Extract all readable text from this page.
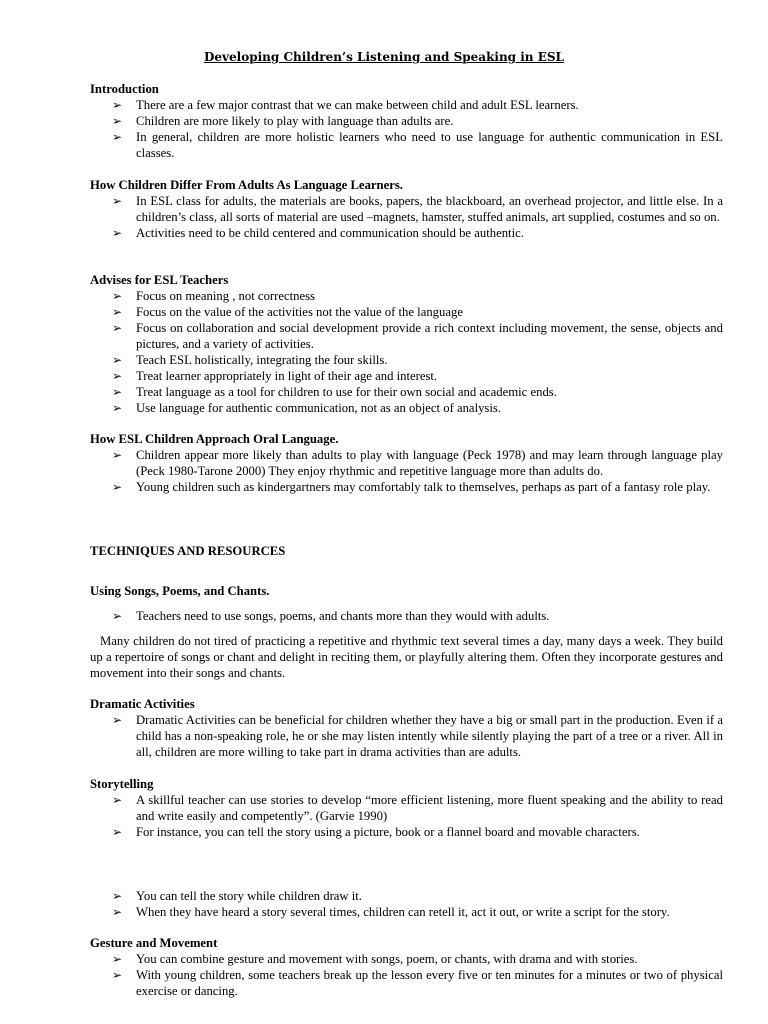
Developing Children’s Listening and Speaking in ESL
Introduction
➢ There are a few major contrast that we can make between child and adult ESL learners.
➢ Children are more likely to play with language than adults are.
➢ In general, children are more holistic learners who need to use language for authentic communication in ESL classes.
How Children Differ From Adults As Language Learners.
➢ In ESL class for adults, the materials are books, papers, the blackboard, an overhead projector, and little else. In a children’s class, all sorts of material are used –magnets, hamster, stuffed animals, art supplied, costumes and so on.
➢ Activities need to be child centered and communication should be authentic.
Advises for ESL Teachers
➢ Focus on meaning , not correctness
➢ Focus on the value of the activities not the value of the language
➢ Focus on collaboration and social development provide a rich context including movement, the sense, objects and pictures, and a variety of activities.
➢ Teach ESL holistically, integrating the four skills.
➢ Treat learner appropriately in light of their age and interest.
➢ Treat language as a tool for children to use for their own social and academic ends.
➢ Use language for authentic communication, not as an object of analysis.
How ESL Children Approach Oral Language.
➢ Children appear more likely than adults to play with language (Peck 1978) and may learn through language play (Peck 1980-Tarone 2000) They enjoy rhythmic and repetitive language more than adults do.
➢ Young children such as kindergartners may comfortably talk to themselves, perhaps as part of a fantasy role play.
TECHNIQUES AND RESOURCES
Using Songs, Poems, and Chants.
➢ Teachers need to use songs, poems, and chants more than they would with adults.
Many children do not tired of practicing a repetitive and rhythmic text several times a day, many days a week. They build up a repertoire of songs or chant and delight in reciting them, or playfully altering them. Often they incorporate gestures and movement into their songs and chants.
Dramatic Activities
➢ Dramatic Activities can be beneficial for children whether they have a big or small part in the production. Even if a child has a non-speaking role, he or she may listen intently while silently playing the part of a tree or a river. All in all, children are more willing to take part in drama activities than are adults.
Storytelling
➢ A skillful teacher can use stories to develop “more efficient listening, more fluent speaking and the ability to read and write easily and competently”. (Garvie 1990)
➢ For instance, you can tell the story using a picture, book or a flannel board and movable characters.
➢ You can tell the story while children draw it.
➢ When they have heard a story several times, children can retell it, act it out, or write a script for the story.
Gesture and Movement
➢ You can combine gesture and movement with songs, poem, or chants, with drama and with stories.
➢ With young children, some teachers break up the lesson every five or ten minutes for a minutes or two of physical exercise or dancing.
